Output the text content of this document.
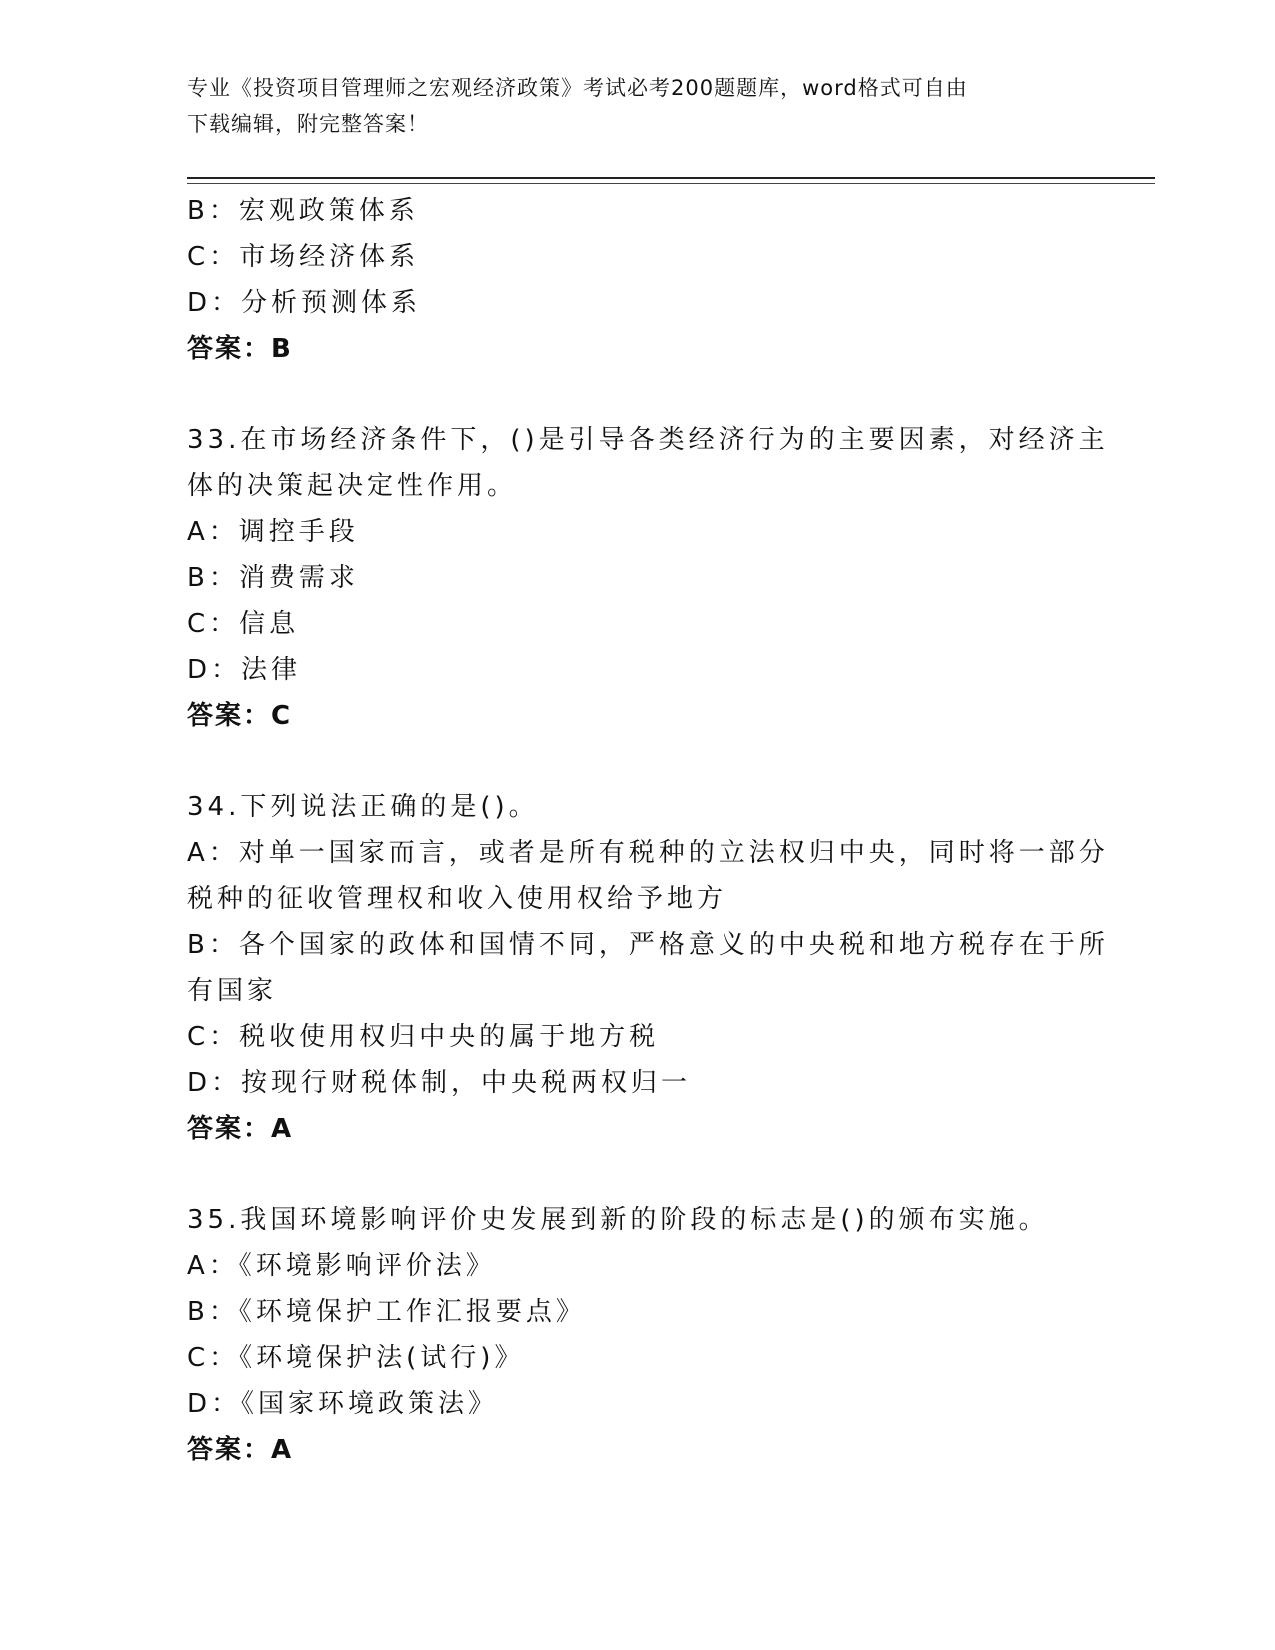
专业《投资项目管理师之宏观经济政策》考试必考200题题库，word格式可自由
下载编辑，附完整答案！
B：宏观政策体系
C：市场经济体系
D：分析预测体系
答案：B
33.在市场经济条件下，()是引导各类经济行为的主要因素，对经济主
体的决策起决定性作用。
A：调控手段
B：消费需求
C：信息
D：法律
答案：C
34.下列说法正确的是()。
A：对单一国家而言，或者是所有税种的立法权归中央，同时将一部分
税种的征收管理权和收入使用权给予地方
B：各个国家的政体和国情不同，严格意义的中央税和地方税存在于所
有国家
C：税收使用权归中央的属于地方税
D：按现行财税体制，中央税两权归一
答案：A
35.我国环境影响评价史发展到新的阶段的标志是()的颁布实施。
A：《环境影响评价法》
B：《环境保护工作汇报要点》
C：《环境保护法(试行)》
D：《国家环境政策法》
答案：A
